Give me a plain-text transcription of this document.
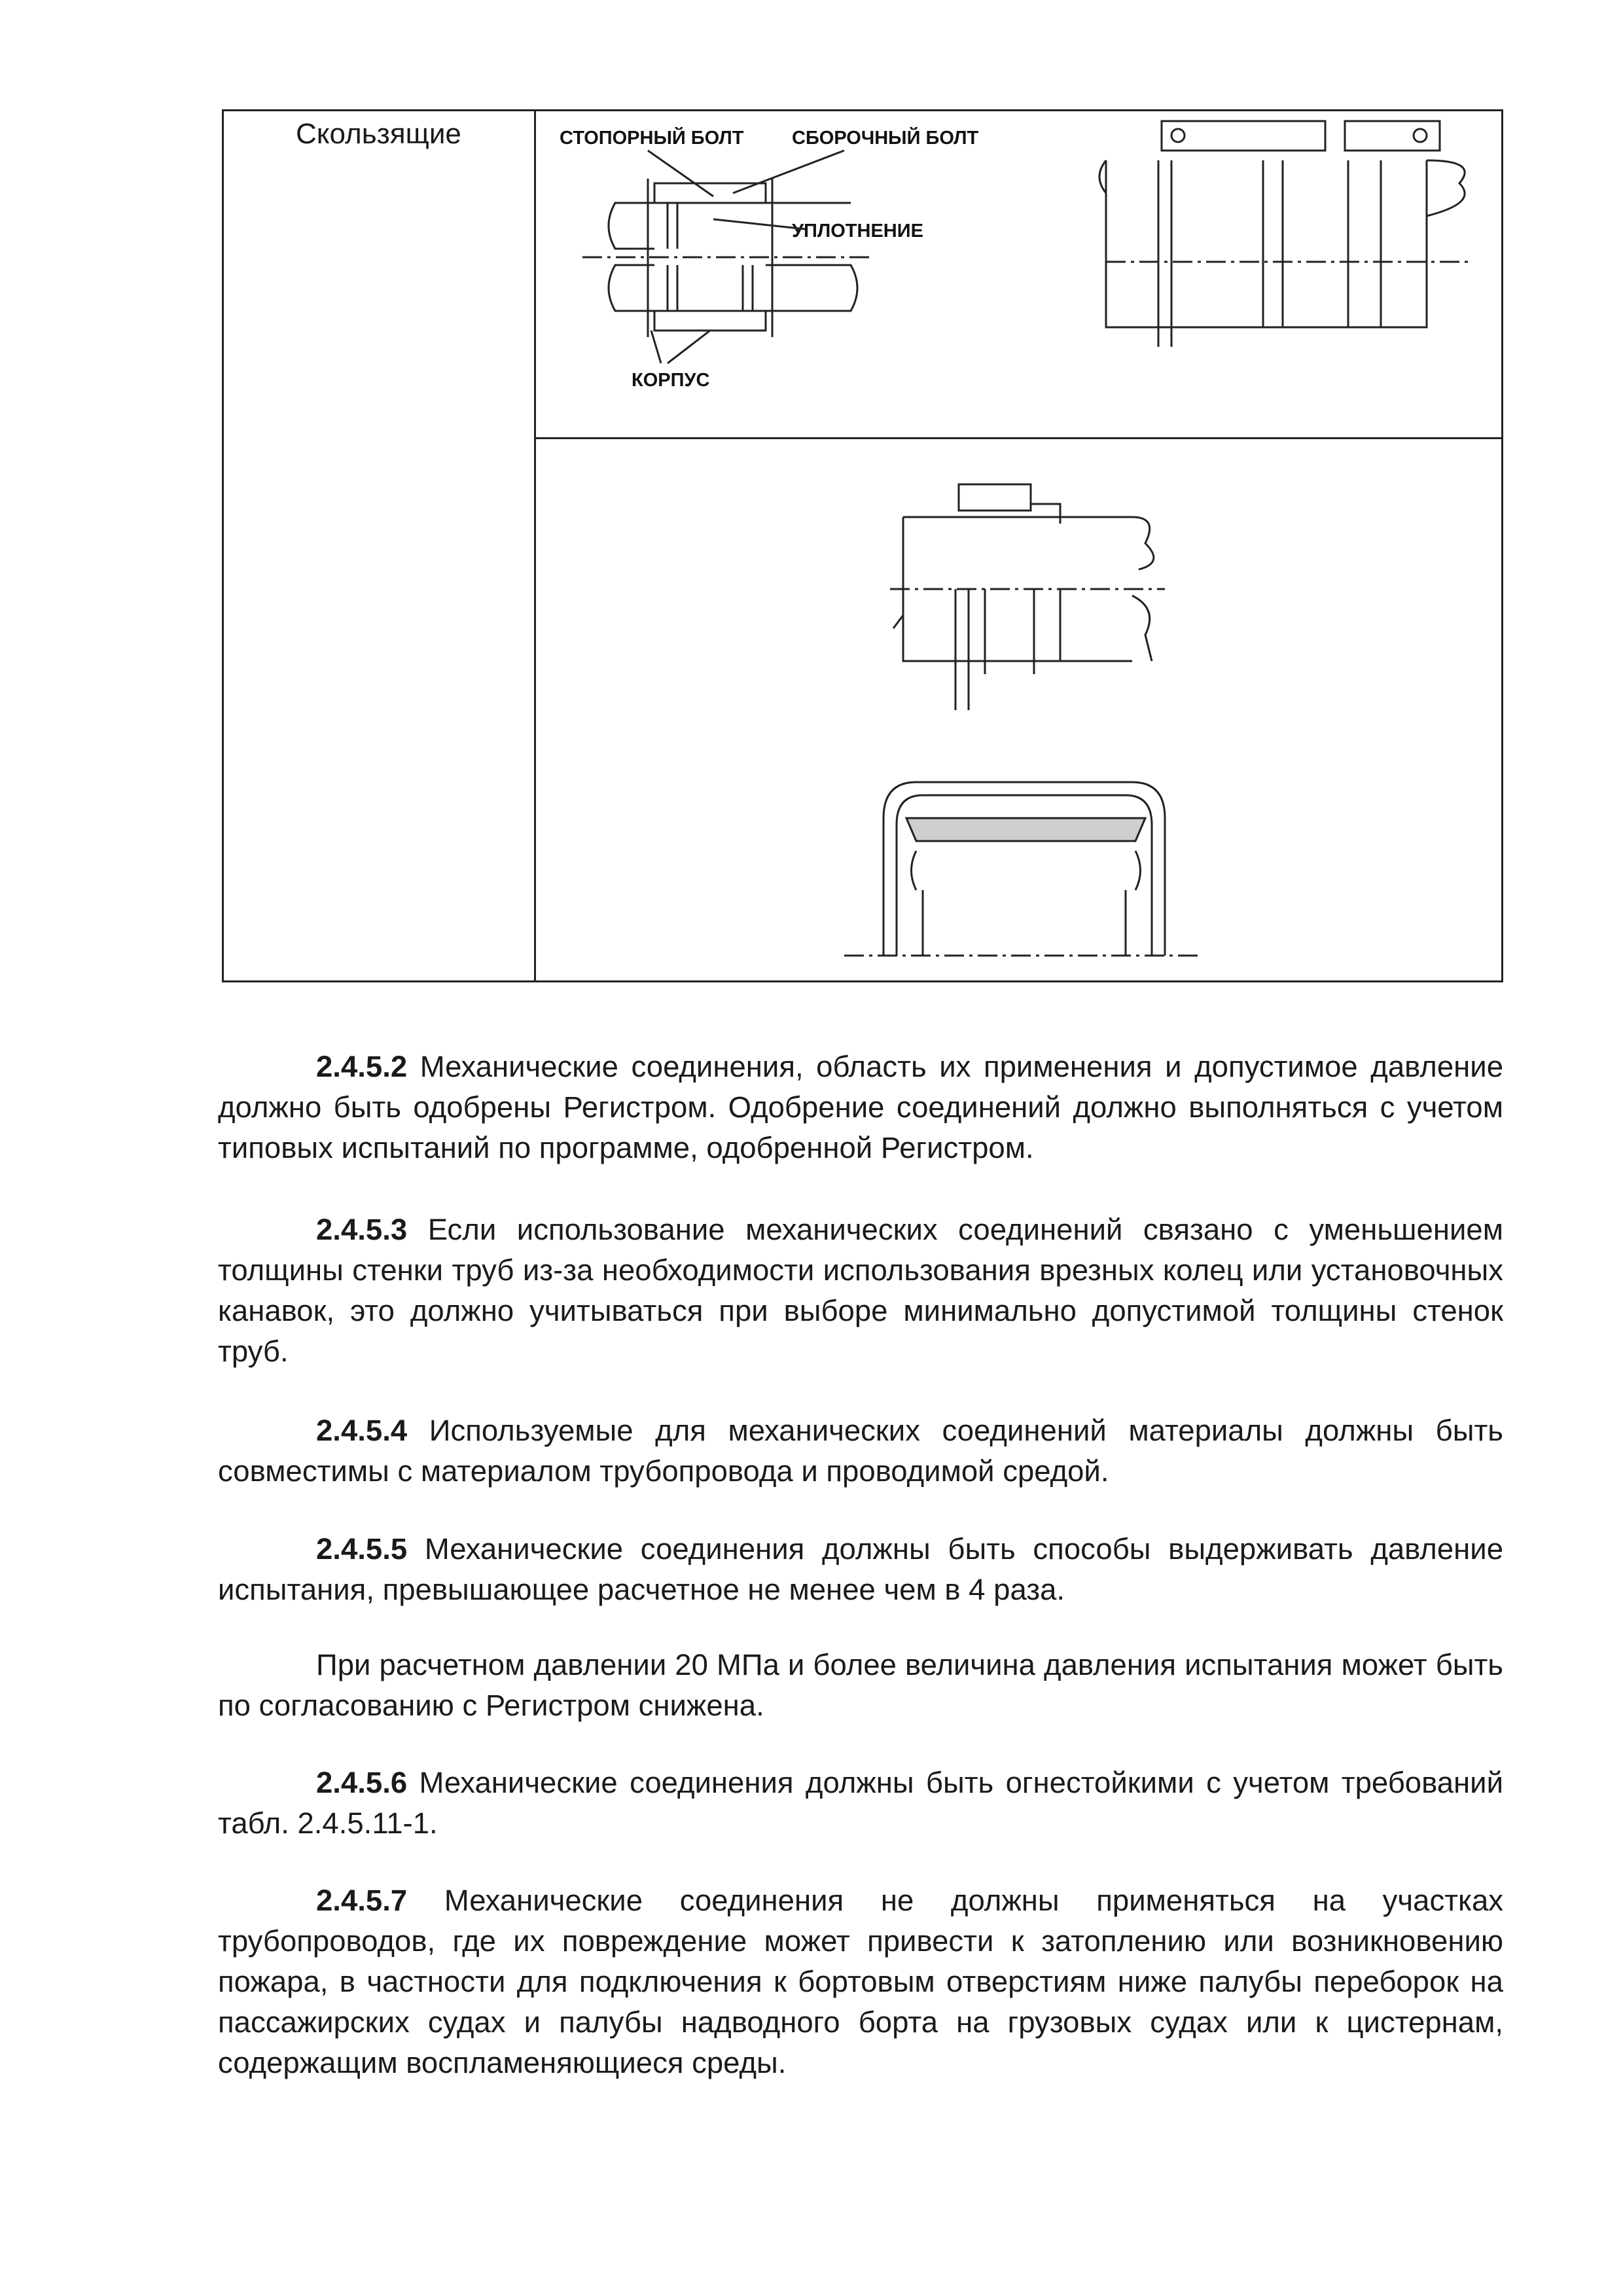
Скользящие	СТОПОРНЫЙ БОЛТ	СБОРОЧНЫЙ БОЛТ
УПЛОТНЕНИЕ
КОРПУС

2.4.5.2 Механические соединения, область их применения и допустимое давление должно быть одобрены Регистром. Одобрение соединений должно выполняться с учетом типовых испытаний по программе, одобренной Регистром.

2.4.5.3 Если использование механических соединений связано с уменьшением толщины стенки труб из-за необходимости использования врезных колец или установочных канавок, это должно учитываться при выборе минимально допустимой толщины стенок труб.

2.4.5.4 Используемые для механических соединений материалы должны быть совместимы с материалом трубопровода и проводимой средой.

2.4.5.5 Механические соединения должны быть способы выдерживать давление испытания, превышающее расчетное не менее чем в 4 раза.

При расчетном давлении 20 МПа и более величина давления испытания может быть по согласованию с Регистром снижена.

2.4.5.6 Механические соединения должны быть огнестойкими с учетом требований табл. 2.4.5.11-1.

2.4.5.7 Механические соединения не должны применяться на участках трубопроводов, где их повреждение может привести к затоплению или возникновению пожара, в частности для подключения к бортовым отверстиям ниже палубы переборок на пассажирских судах и палубы надводного борта на грузовых судах или к цистернам, содержащим воспламеняющиеся среды.
